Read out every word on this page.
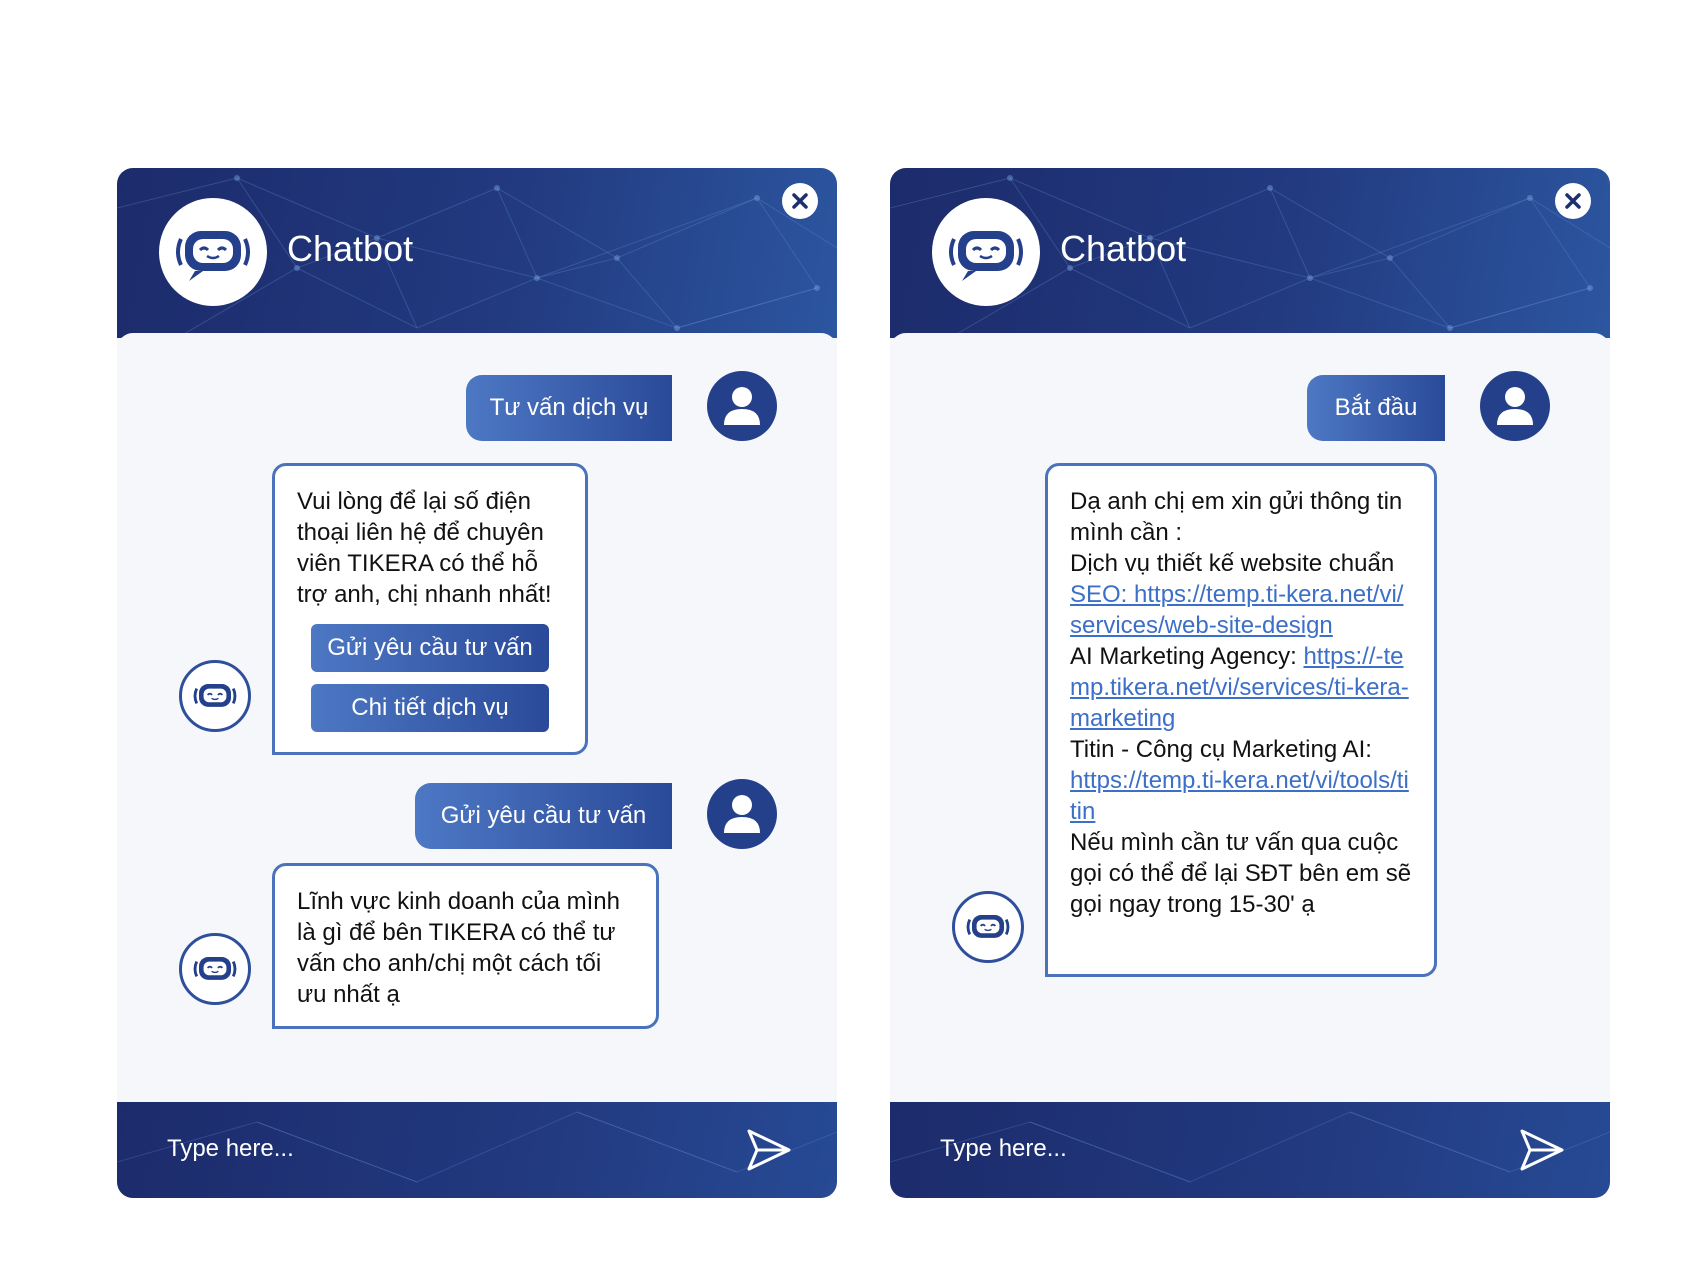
Chatbot
Tư vấn dịch vụ
Vui lòng để lại số điện thoại liên hệ để chuyên viên TIKERA có thể hỗ trợ anh, chị nhanh nhất!
Gửi yêu cầu tư vấn
Chi tiết dịch vụ
Gửi yêu cầu tư vấn
Lĩnh vực kinh doanh của mình là gì để bên TIKERA có thể tư vấn cho anh/chị một cách tối ưu nhất ạ
Type here...
Chatbot
Bắt đầu
Dạ anh chị em xin gửi thông tin mình cần :
Dịch vụ thiết kế website chuẩn
SEO: https://temp.ti-kera.net/vi/services/web-site-design
AI Marketing Agency: https://-temp.tikera.net/vi/services/ti-kera-marketing
Titin - Công cụ Marketing AI:
https://temp.ti-kera.net/vi/tools/titin
Nếu mình cần tư vấn qua cuộc gọi có thể để lại SĐT bên em sẽ gọi ngay trong 15-30' ạ
Type here...
